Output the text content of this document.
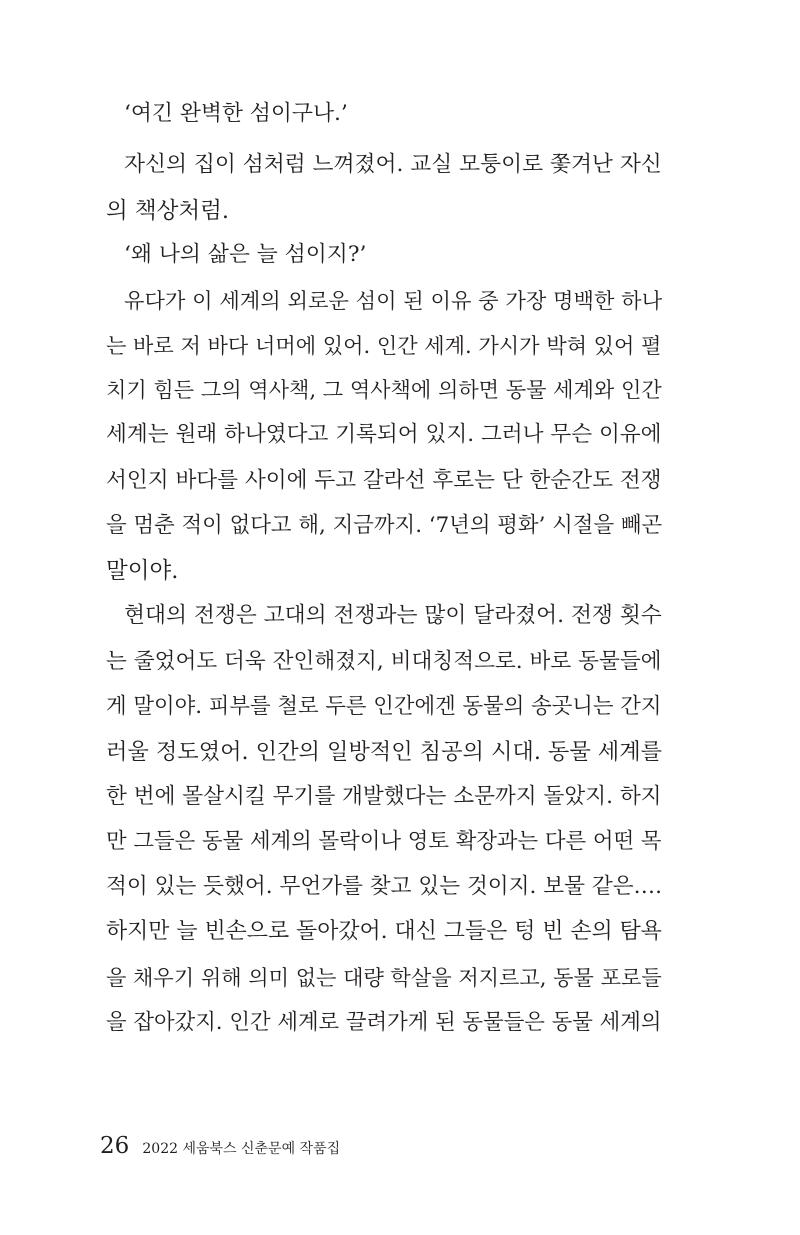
‘여긴 완벽한 섬이구나.’
자신의 집이 섬처럼 느껴졌어. 교실 모퉁이로 쫓겨난 자신
의 책상처럼.
‘왜 나의 삶은 늘 섬이지?’
유다가 이 세계의 외로운 섬이 된 이유 중 가장 명백한 하나
는 바로 저 바다 너머에 있어. 인간 세계. 가시가 박혀 있어 펼
치기 힘든 그의 역사책, 그 역사책에 의하면 동물 세계와 인간
세계는 원래 하나였다고 기록되어 있지. 그러나 무슨 이유에
서인지 바다를 사이에 두고 갈라선 후로는 단 한순간도 전쟁
을 멈춘 적이 없다고 해, 지금까지. ‘7년의 평화’ 시절을 빼곤
말이야.
현대의 전쟁은 고대의 전쟁과는 많이 달라졌어. 전쟁 횟수
는 줄었어도 더욱 잔인해졌지, 비대칭적으로. 바로 동물들에
게 말이야. 피부를 철로 두른 인간에겐 동물의 송곳니는 간지
러울 정도였어. 인간의 일방적인 침공의 시대. 동물 세계를
한 번에 몰살시킬 무기를 개발했다는 소문까지 돌았지. 하지
만 그들은 동물 세계의 몰락이나 영토 확장과는 다른 어떤 목
적이 있는 듯했어. 무언가를 찾고 있는 것이지. 보물 같은….
하지만 늘 빈손으로 돌아갔어. 대신 그들은 텅 빈 손의 탐욕
을 채우기 위해 의미 없는 대량 학살을 저지르고, 동물 포로들
을 잡아갔지. 인간 세계로 끌려가게 된 동물들은 동물 세계의
26 2022 세움북스 신춘문예 작품집
